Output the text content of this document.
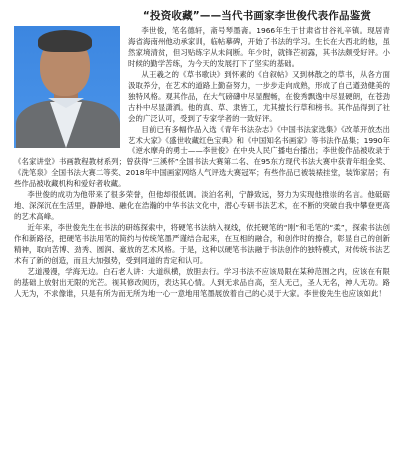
“投资收藏”——当代书画家李世俊代表作品鉴赏

李世俊，笔名德轩，斋号琴墨斋。1966年生于甘肃省甘谷礼辛镇。现居青海省海南州他动承家训，临帖摹碑，开始了书法的学习。生长在大西北的他，虽然家境清贫，但习贴练字从未间断。年少时，就锋芒初露，其书法颇受好评。小时候的勤学苦练，为今天的发展打下了坚实的基础。

从王羲之的《草书歌诀》到怀素的《自叙帖》又到林散之的草书，从各方面汲取养分，在艺术的道路上勤奋努力，一步步走向成熟，形成了自己遒劲健美的独特风格。观其作品，在大气磅礴中尽显醒畅，在俊秀飘逸中尽显硬朗，在苍劲古朴中尽显潇洒。他的真、草、隶皆工，尤其擅长行草和榜书。其作品得到了社会的广泛认可，受到了专家学者的一致好评。

目前已有多幅作品入选《青年书法杂志》《中国书法家选集》《改革开放杰出艺术大家》《盛世收藏红色宝典》和《中国知名书画家》等书法作品集；1990年《逆水摩舟的勇士——李世俊》在中央人民广播电台播出；李世俊作品被收录于《名家讲堂》书画教程教材系列；曾获得“三溪杯”全国书法大赛第二名、在95东方现代书法大赛中获青年组金奖、《洗笔泉》全国书法大赛二等奖、2018年中国画家网络人气评选大赛冠军；有些作品已被装裱挂堂，装饰家居；有些作品被收藏机构和爱好者收藏。

李世俊的成功为他带来了很多荣誉，但他却很低调。淡泊名利，宁静致远，努力为实现他推崇的名言。他砥砺地、深深沉在生活里，静静地、融化在浩瀚的中华书法文化中，潜心专研书法艺术，在不断的突破自我中攀登更高的艺术高峰。

近年来，李世俊先生在书法的研练探索中，将硬笔书法纳入视线，依托硬笔的“刚”和毛笔的“柔”，探索书法创作和新路径，把硬笔书法用笔的简约与传统笔墨严谨结合起来，在互相的融合，和创作时的擦合，彰显自己的创新精神，取向苦博、劲秀、圆润、豪放的艺术风格。于是，这种以硬笔书法融于书法创作的独特模式，对传统书法艺术有了新的创造，而且大加强势，受到同道的肯定和认可。

艺道漫漫，学海无边。白石老人讲：大道纵横，放胆去行。学习书法不应该局限在某种范围之内，应该在有限的基础上放射出无限的光芒。视其修改阅历，表达其心情。人到无求品自高，至人无己，圣人无名，神人无功。路人无为，不求像谁，只是有所为而无所为地一心一意地用笔墨展放着自己的心灵于大家。李世俊先生也应该如此！
